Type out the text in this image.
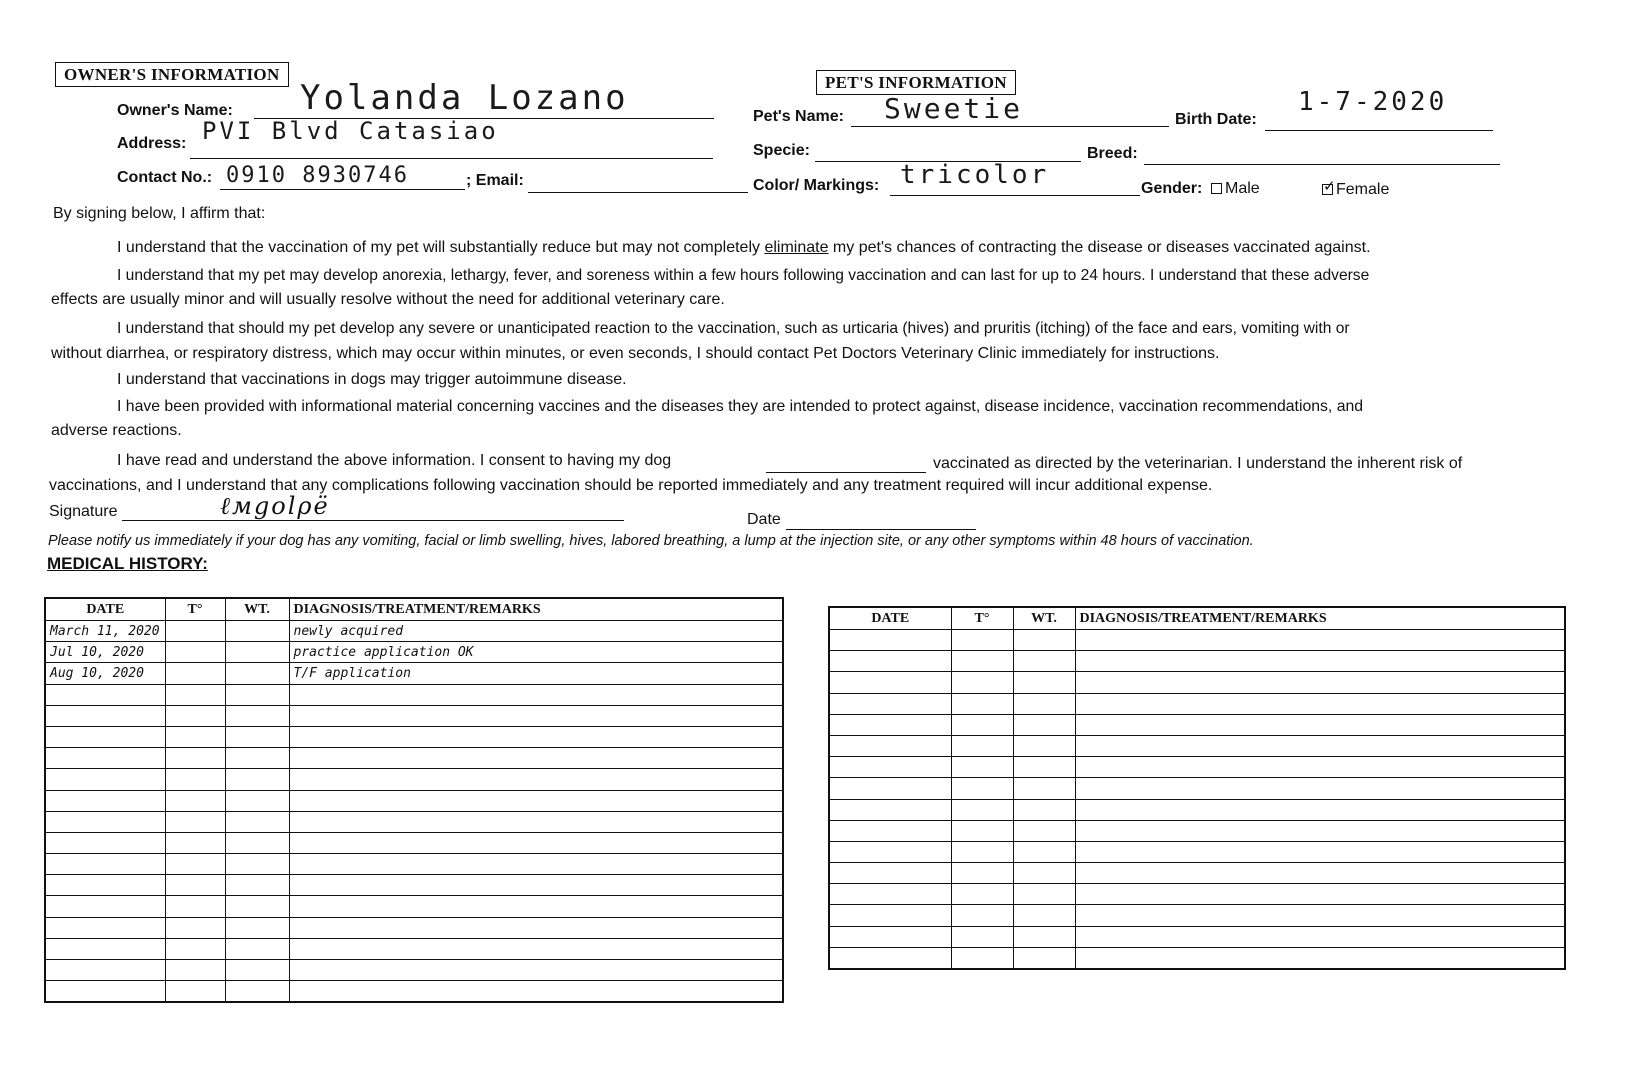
OWNER'S INFORMATION
Owner's Name: Yolanda Lozano
Address: PVI Blvd Catasiao
Contact No.: 0910 8930746	; Email:
PET'S INFORMATION
Pet's Name: Sweetie	Birth Date:
1-7-2020
Specie:	Breed:
Color/ Markings: tricolor	Gender:	Male	✓ Female
By signing below, I affirm that:
I understand that the vaccination of my pet will substantially reduce but may not completely eliminate my pet's chances of contracting the disease or diseases vaccinated against.
I understand that my pet may develop anorexia, lethargy, fever, and soreness within a few hours following vaccination and can last for up to 24 hours. I understand that these adverse
effects are usually minor and will usually resolve without the need for additional veterinary care.
I understand that should my pet develop any severe or unanticipated reaction to the vaccination, such as urticaria (hives) and pruritis (itching) of the face and ears, vomiting with or
without diarrhea, or respiratory distress, which may occur within minutes, or even seconds, I should contact Pet Doctors Veterinary Clinic immediately for instructions.
I understand that vaccinations in dogs may trigger autoimmune disease.
I have been provided with informational material concerning vaccines and the diseases they are intended to protect against, disease incidence, vaccination recommendations, and
adverse reactions.
I have read and understand the above information. I consent to having my dog	vaccinated as directed by the veterinarian. I understand the inherent risk of
vaccinations, and I understand that any complications following vaccination should be reported immediately and any treatment required will incur additional expense.
Signature	ℓмgolρё	Date
Please notify us immediately if your dog has any vomiting, facial or limb swelling, hives, labored breathing, a lump at the injection site, or any other symptoms within 48 hours of vaccination.
MEDICAL HISTORY:
DATE	T°	WT.	DIAGNOSIS/TREATMENT/REMARKS
March 11, 2020			newly acquired
Jul 10, 2020			practice application OK
Aug 10, 2020			T/F application

DATE	T°	WT.	DIAGNOSIS/TREATMENT/REMARKS
